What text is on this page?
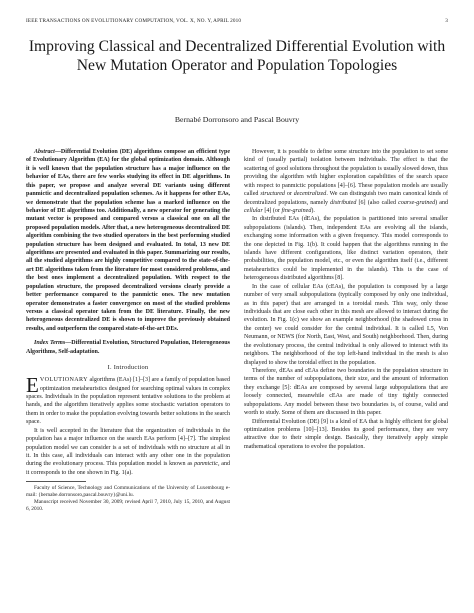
IEEE TRANSACTIONS ON EVOLUTIONARY COMPUTATION, VOL. X, NO. Y, APRIL 2010	3
Improving Classical and Decentralized Differential Evolution with New Mutation Operator and Population Topologies
Bernabé Dorronsoro and Pascal Bouvry

Abstract—Differential Evolution (DE) algorithms compose an efficient type of Evolutionary Algorithm (EA) for the global optimization domain. Although it is well known that the population structure has a major influence on the behavior of EAs, there are few works studying its effect in DE algorithms. In this paper, we propose and analyze several DE variants using different panmictic and decentralized population schemes. As it happens for other EAs, we demonstrate that the population scheme has a marked influence on the behavior of DE algorithms too. Additionally, a new operator for generating the mutant vector is proposed and compared versus a classical one on all the proposed population models. After that, a new heterogeneous decentralized DE algorithm combining the two studied operators in the best performing studied population structure has been designed and evaluated. In total, 13 new DE algorithms are presented and evaluated in this paper. Summarizing our results, all the studied algorithms are highly competitive compared to the state-of-the-art DE algorithms taken from the literature for most considered problems, and the best ones implement a decentralized population. With respect to the population structure, the proposed decentralized versions clearly provide a better performance compared to the panmictic ones. The new mutation operator demonstrates a faster convergence on most of the studied problems versus a classical operator taken from the DE literature. Finally, the new heterogeneous decentralized DE is shown to improve the previously obtained results, and outperform the compared state-of-the-art DEs.

Index Terms—Differential Evolution, Structured Population, Heterogeneous Algorithms, Self-adaptation.

I. Introduction

EVOLUTIONARY algorithms (EAs) [1]–[3] are a family of population based optimization metaheuristics designed for searching optimal values in complex spaces. Individuals in the population represent tentative solutions to the problem at hands, and the algorithm iteratively applies some stochastic variation operators to them in order to make the population evolving towards better solutions in the search space.

It is well accepted in the literature that the organization of individuals in the population has a major influence on the search EAs perform [4]–[7]. The simplest population model we can consider is a set of individuals with no structure at all in it. In this case, all individuals can interact with any other one in the population during the evolutionary process. This population model is known as panmictic, and it corresponds to the one shown in Fig. 1(a).

Faculty of Science, Technology and Communications of the University of Luxembourg e-mail: {bernabe.dorronsoro,pascal.bouvry}@uni.lu.

Manuscript received November 30, 2009; revised April 7, 2010, July 15, 2010, and August 6, 2010.

However, it is possible to define some structure into the population to set some kind of (usually partial) isolation between individuals. The effect is that the scattering of good solutions throughout the population is usually slowed down, thus providing the algorithm with higher exploration capabilities of the search space with respect to panmictic populations [4]–[6]. These population models are usually called structured or decentralized. We can distinguish two main canonical kinds of decentralized populations, namely distributed [6] (also called coarse-grained) and cellular [4] (or fine-grained).

In distributed EAs (dEAs), the population is partitioned into several smaller subpopulations (islands). Then, independent EAs are evolving all the islands, exchanging some information with a given frequency. This model corresponds to the one depicted in Fig. 1(b). It could happen that the algorithms running in the islands have different configurations, like distinct variation operators, their probabilities, the population model, etc., or even the algorithm itself (i.e., different metaheuristics could be implemented in the islands). This is the case of heterogeneous distributed algorithms [8].

In the case of cellular EAs (cEAs), the population is composed by a large number of very small subpopulations (typically composed by only one individual, as in this paper) that are arranged in a toroidal mesh. This way, only those individuals that are close each other in this mesh are allowed to interact during the evolution. In Fig. 1(c) we show an example neighborhood (the shadowed cross in the center) we could consider for the central individual. It is called L5, Von Neumann, or NEWS (for North, East, West, and South) neighborhood. Then, during the evolutionary process, the central individual is only allowed to interact with its neighbors. The neighborhood of the top left-hand individual in the mesh is also displayed to show the toroidal effect in the population.

Therefore, dEAs and cEAs define two boundaries in the population structure in terms of the number of subpopulations, their size, and the amount of information they exchange [5]: dEAs are composed by several large subpopulations that are loosely connected, meanwhile cEAs are made of tiny tightly connected subpopulations. Any model between these two boundaries is, of course, valid and worth to study. Some of them are discussed in this paper.

Differential Evolution (DE) [9] is a kind of EA that is highly efficient for global optimization problems [10]–[13]. Besides its good performance, they are very attractive due to their simple design. Basically, they iteratively apply simple mathematical operations to evolve the population.
